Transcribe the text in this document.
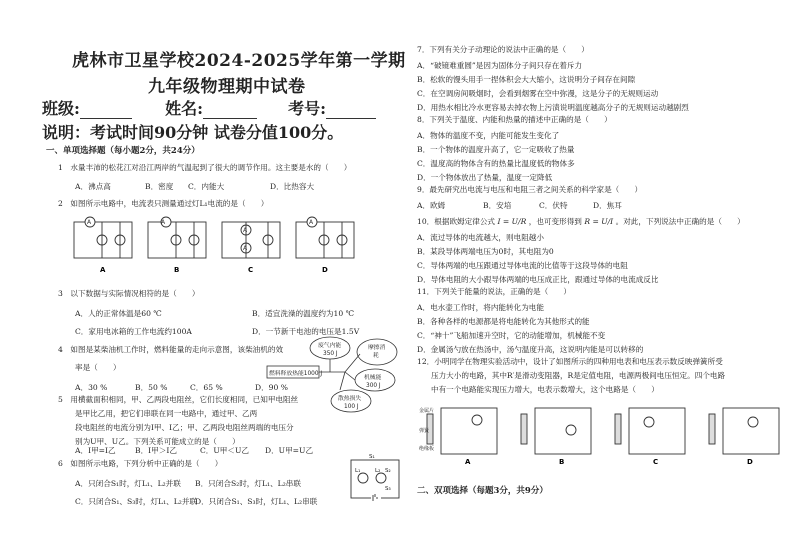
虎林市卫星学校2024-2025学年第一学期
九年级物理期中试卷
班级:	姓名:	考号:
说明：考试时间90分钟 试卷分值100分。
一、单项选择题（每小题2分，共24分）
1　水量丰沛的松花江对沿江两岸的气温起到了很大的调节作用。这主要是水的（　　）
A．沸点高	B．密度 C．内能大	D．比热容大
2　如图所示电路中，电流表只测量通过灯L₁电流的是（　　）
A	A
A
A
A
A	B	C	D
3　以下数据与实际情况相符的是（　　）
A．人的正常体温是60 ℃	B．适宜洗澡的温度约为10 ℃
C．家用电冰箱的工作电流约100A	D．一节新干电池的电压是1.5V
4　如图是某柴油机工作时，燃料能量的走向示意图，该柴油机的效
率是（　　）
A．30 %	B．50 %	C．65 %	D．90 %
燃料释放热能1000 J
废气内能
350 J
摩擦消
耗
机械能
300 J
散热损失
100 J
5　用横截面积相同，甲、乙两段电阻丝，它们长度相同，已知甲电阻丝
是甲比乙用，把它们串联在同一电路中，通过甲、乙两
段电阻丝的电流分别为I甲、I乙；甲、乙两段电阻丝两端的电压分
别为U甲、U乙。下列关系可能成立的是（　　）
A．I甲=I乙	B．I甲＞I乙	C．U甲＜U乙 D．U甲=U乙
6　如图所示电路，下列分析中正确的是（　　）
A．只闭合S₁时，灯L₁、L₂并联 B．只闭合S₂时，灯L₁、L₂串联
C．只闭合S₁、S₃时，灯L₁、L₂并联
D．只闭合S₁、S₃时，灯L₁、L₂串联
S₁
S₂
S₃
L₁	L₂
7．下列有关分子动理论的说法中正确的是（　　）
A．“破镜难重圆”是因为固体分子间只存在着斥力
B．松软的馒头用手一捏体积会大大缩小，这说明分子间存在间隙
C．在空调房间吸烟时，会看到烟雾在空中弥漫，这是分子的无规则运动
D．用热水相比冷水更容易去掉衣物上污渍说明温度越高分子的无规则运动越剧烈
8．下列关于温度、内能和热量的描述中正确的是（　　）
A．物体的温度不变，内能可能发生变化了
B．一个物体的温度升高了，它一定吸收了热量
C．温度高的物体含有的热量比温度低的物体多
D．一个物体放出了热量，温度一定降低
9．最先研究出电流与电压和电阻三者之间关系的科学家是（　　）
A．欧姆	B．安培	C．伏特	D．焦耳
10．根据欧姆定律公式 I = U/R ，也可变形得到 R = U/I 。对此，下列说法中正确的是（　　）
A．流过导体的电流越大，则电阻越小
B．某段导体两端电压为0时，其电阻为0
C．导体两端的电压跟通过导体电流的比值等于这段导体的电阻
D．导体电阻的大小跟导体两端的电压成正比，跟通过导体的电流成反比
11．下列关于能量的说法，正确的是（　　）
A．电水壶工作时，将内能转化为电能
B．各种各样的电源都是将电能转化为其他形式的能
C．“神十”飞船加速升空时，它的动能增加，机械能不变
D．金属汤勺放在热汤中，汤勺温度升高，这说明内能是可以转移的
12．小明同学在物理实验活动中，设计了如图所示的四种用电表和电压表示数反映弹簧所受
压力大小的电路，其中R′是滑动变阻器，R是定值电阻，电源两极间电压恒定。四个电路
中有一个电路能实现压力增大，电表示数增大，这个电路是（　　）
金属片
弹簧
绝缘板
A	B	C	D
二、双项选择（每题3分，共9分）
